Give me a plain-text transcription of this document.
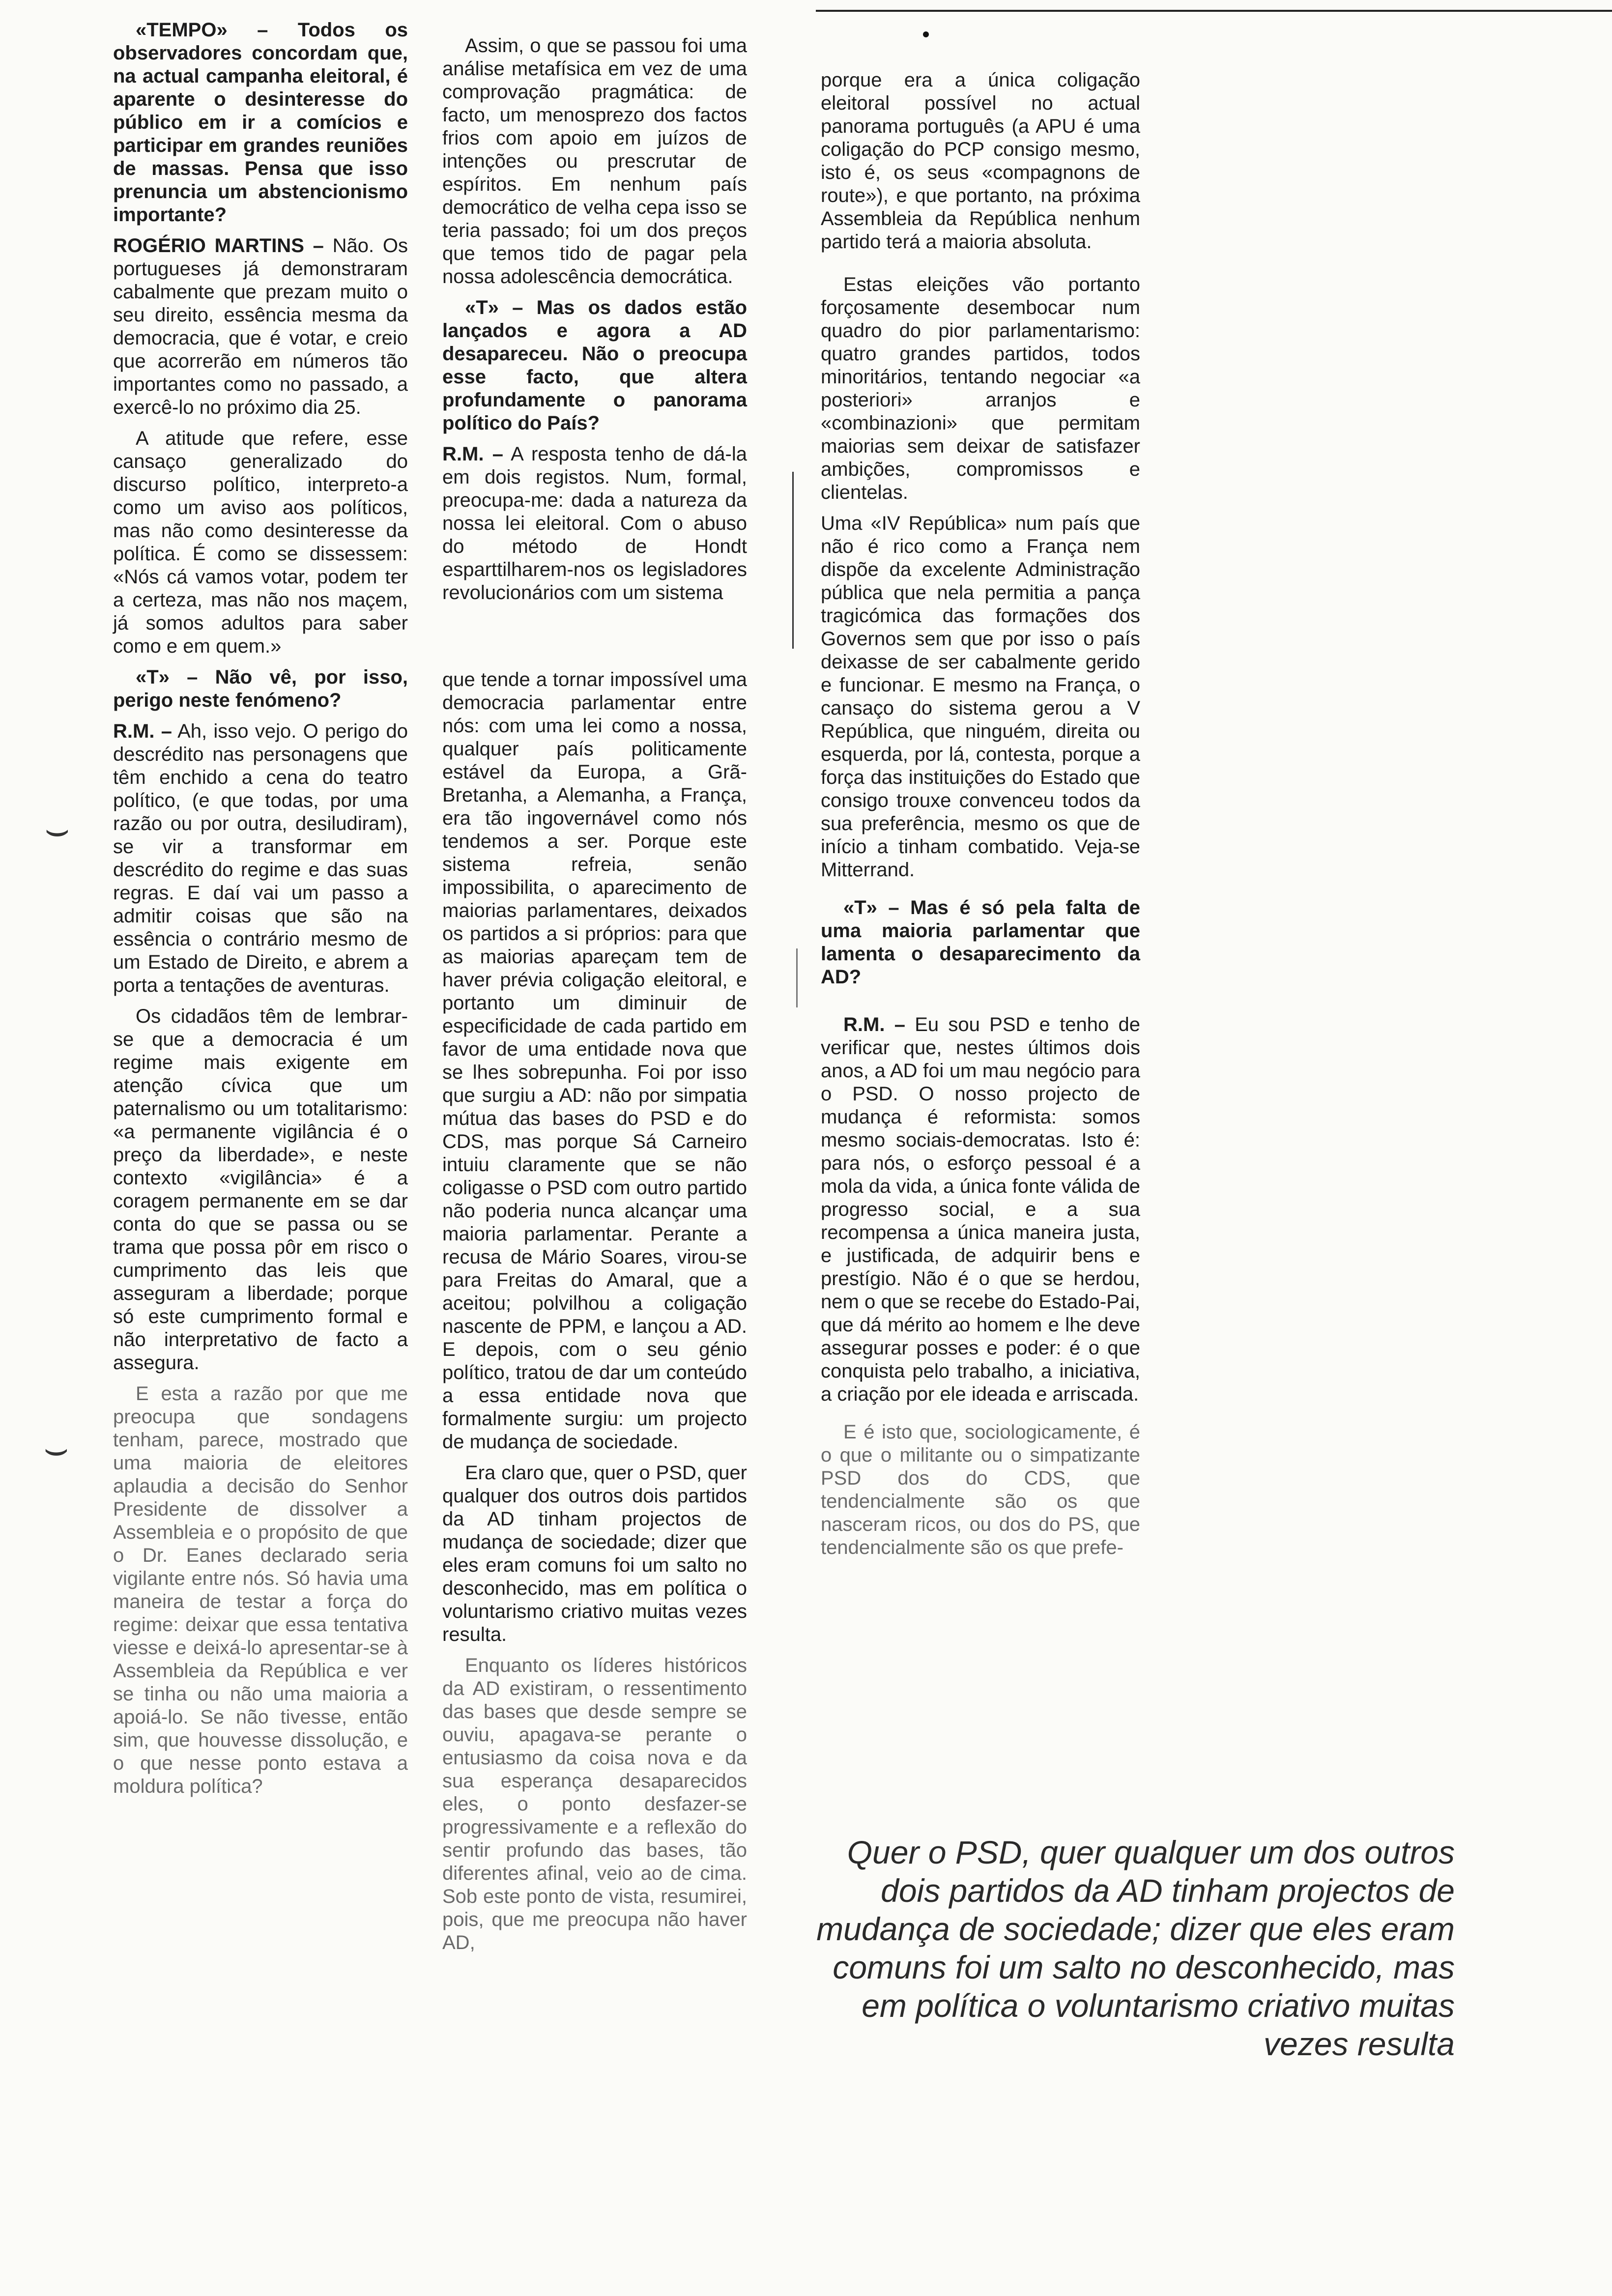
«TEMPO» – Todos os observadores concordam que, na actual campanha eleitoral, é aparente o desinteresse do público em ir a comícios e participar em grandes reuniões de massas. Pensa que isso prenuncia um abstencionismo importante?

ROGÉRIO MARTINS – Não. Os portugueses já demonstraram cabalmente que prezam muito o seu direito, essência mesma da democracia, que é votar, e creio que acorrerão em números tão importantes como no passado, a exercê-lo no próximo dia 25.

A atitude que refere, esse cansaço generalizado do discurso político, interpreto-a como um aviso aos políticos, mas não como desinteresse da política. É como se dissessem: «Nós cá vamos votar, podem ter a certeza, mas não nos maçem, já somos adultos para saber como e em quem.»

«T» – Não vê, por isso, perigo neste fenómeno?

R.M. – Ah, isso vejo. O perigo do descrédito nas personagens que têm enchido a cena do teatro político, (e que todas, por uma razão ou por outra, desiludiram), se vir a transformar em descrédito do regime e das suas regras. E daí vai um passo a admitir coisas que são na essência o contrário mesmo de um Estado de Direito, e abrem a porta a tentações de aventuras.

Os cidadãos têm de lembrar-se que a democracia é um regime mais exigente em atenção cívica que um paternalismo ou um totalitarismo: «a permanente vigilância é o preço da liberdade», e neste contexto «vigilância» é a coragem permanente em se dar conta do que se passa ou se trama que possa pôr em risco o cumprimento das leis que asseguram a liberdade; porque só este cumprimento formal e não interpretativo de facto a assegura.

E esta a razão por que me preocupa que sondagens tenham, parece, mostrado que uma maioria de eleitores aplaudia a decisão do Senhor Presidente de dissolver a Assembleia e o propósito de que o Dr. Eanes declarado seria vigilante entre nós. Só havia uma maneira de testar a força do regime: deixar que essa tentativa viesse e deixá-lo apresentar-se à Assembleia da República e ver se tinha ou não uma maioria a apoiá-lo. Se não tivesse, então sim, que houvesse dissolução, e o que nesse ponto estava a moldura política?

Assim, o que se passou foi uma análise metafísica em vez de uma comprovação pragmática: de facto, um menosprezo dos factos frios com apoio em juízos de intenções ou prescrutar de espíritos. Em nenhum país democrático de velha cepa isso se teria passado; foi um dos preços que temos tido de pagar pela nossa adolescência democrática.

«T» – Mas os dados estão lançados e agora a AD desapareceu. Não o preocupa esse facto, que altera profundamente o panorama político do País?

R.M. – A resposta tenho de dá-la em dois registos. Num, formal, preocupa-me: dada a natureza da nossa lei eleitoral. Com o abuso do método de Hondt esparttilharem-nos os legisladores revolucionários com um sistema

que tende a tornar impossível uma democracia parlamentar entre nós: com uma lei como a nossa, qualquer país politicamente estável da Europa, a Grã-Bretanha, a Alemanha, a França, era tão ingovernável como nós tendemos a ser. Porque este sistema refreia, senão impossibilita, o aparecimento de maiorias parlamentares, deixados os partidos a si próprios: para que as maiorias apareçam tem de haver prévia coligação eleitoral, e portanto um diminuir de especificidade de cada partido em favor de uma entidade nova que se lhes sobrepunha. Foi por isso que surgiu a AD: não por simpatia mútua das bases do PSD e do CDS, mas porque Sá Carneiro intuiu claramente que se não coligasse o PSD com outro partido não poderia nunca alcançar uma maioria parlamentar. Perante a recusa de Mário Soares, virou-se para Freitas do Amaral, que a aceitou; polvilhou a coligação nascente de PPM, e lançou a AD. E depois, com o seu génio político, tratou de dar um conteúdo a essa entidade nova que formalmente surgiu: um projecto de mudança de sociedade.

Era claro que, quer o PSD, quer qualquer dos outros dois partidos da AD tinham projectos de mudança de sociedade; dizer que eles eram comuns foi um salto no desconhecido, mas em política o voluntarismo criativo muitas vezes resulta.

Enquanto os líderes históricos da AD existiram, o ressentimento das bases que desde sempre se ouviu, apagava-se perante o entusiasmo da coisa nova e da sua esperança desaparecidos eles, o ponto desfazer-se progressivamente e a reflexão do sentir profundo das bases, tão diferentes afinal, veio ao de cima. Sob este ponto de vista, resumirei, pois, que me preocupa não haver AD,

porque era a única coligação eleitoral possível no actual panorama português (a APU é uma coligação do PCP consigo mesmo, isto é, os seus «compagnons de route»), e que portanto, na próxima Assembleia da República nenhum partido terá a maioria absoluta.

Estas eleições vão portanto forçosamente desembocar num quadro do pior parlamentarismo: quatro grandes partidos, todos minoritários, tentando negociar «a posteriori» arranjos e «combinazioni» que permitam maiorias sem deixar de satisfazer ambições, compromissos e clientelas.

Uma «IV República» num país que não é rico como a França nem dispõe da excelente Administração pública que nela permitia a pança tragicómica das formações dos Governos sem que por isso o país deixasse de ser cabalmente gerido e funcionar. E mesmo na França, o cansaço do sistema gerou a V República, que ninguém, direita ou esquerda, por lá, contesta, porque a força das instituições do Estado que consigo trouxe convenceu todos da sua preferência, mesmo os que de início a tinham combatido. Veja-se Mitterrand.

«T» – Mas é só pela falta de uma maioria parlamentar que lamenta o desaparecimento da AD?

R.M. – Eu sou PSD e tenho de verificar que, nestes últimos dois anos, a AD foi um mau negócio para o PSD. O nosso projecto de mudança é reformista: somos mesmo sociais-democratas. Isto é: para nós, o esforço pessoal é a mola da vida, a única fonte válida de progresso social, e a sua recompensa a única maneira justa, e justificada, de adquirir bens e prestígio. Não é o que se herdou, nem o que se recebe do Estado-Pai, que dá mérito ao homem e lhe deve assegurar posses e poder: é o que conquista pelo trabalho, a iniciativa, a criação por ele ideada e arriscada.

E é isto que, sociologicamente, é o que o militante ou o simpatizante PSD dos do CDS, que tendencialmente são os que nasceram ricos, ou dos do PS, que tendencialmente são os que prefe-

Quer o PSD, quer qualquer um dos outros dois partidos da AD tinham projectos de mudança de sociedade; dizer que eles eram comuns foi um salto no desconhecido, mas em política o voluntarismo criativo muitas vezes resulta

⌣
⌣
